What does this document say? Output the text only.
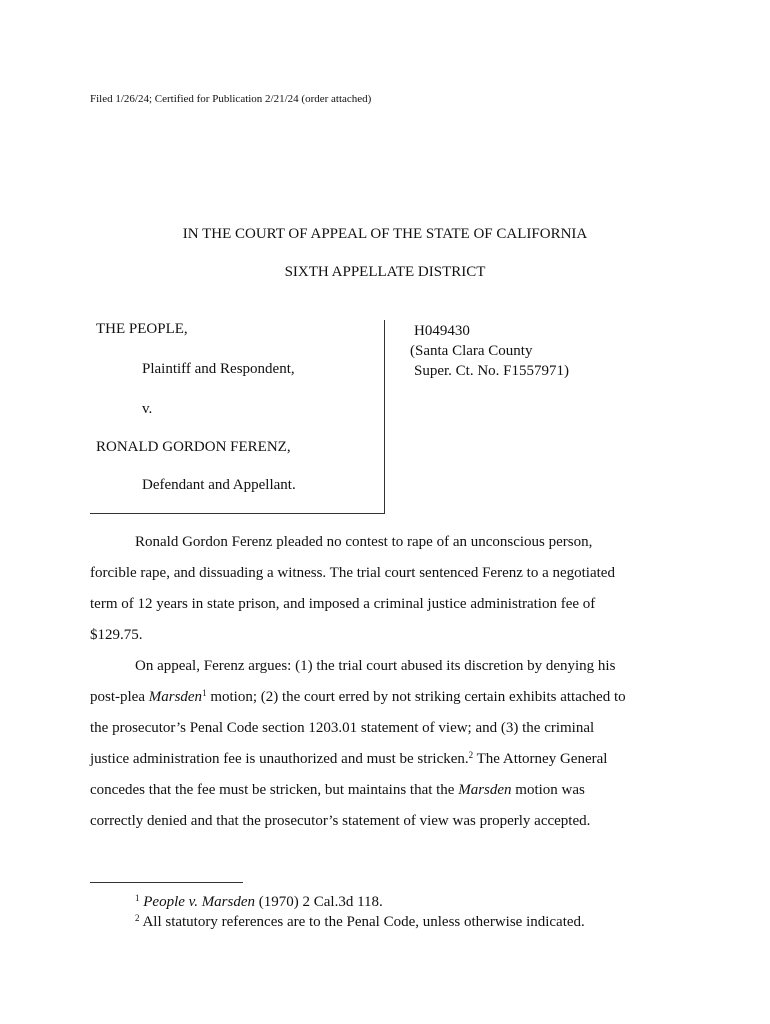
Filed 1/26/24; Certified for Publication 2/21/24 (order attached)
IN THE COURT OF APPEAL OF THE STATE OF CALIFORNIA
SIXTH APPELLATE DISTRICT
THE PEOPLE,
Plaintiff and Respondent,
v.
RONALD GORDON FERENZ,
Defendant and Appellant.
H049430
(Santa Clara County
Super. Ct. No. F1557971)
Ronald Gordon Ferenz pleaded no contest to rape of an unconscious person,
forcible rape, and dissuading a witness. The trial court sentenced Ferenz to a negotiated
term of 12 years in state prison, and imposed a criminal justice administration fee of
$129.75.
On appeal, Ferenz argues: (1) the trial court abused its discretion by denying his
post-plea Marsden$^1$ motion; (2) the court erred by not striking certain exhibits attached to
the prosecutor’s Penal Code section 1203.01 statement of view; and (3) the criminal
justice administration fee is unauthorized and must be stricken.$^2$ The Attorney General
concedes that the fee must be stricken, but maintains that the Marsden motion was
correctly denied and that the prosecutor’s statement of view was properly accepted.
$^1$ People v. Marsden (1970) 2 Cal.3d 118.
$^2$ All statutory references are to the Penal Code, unless otherwise indicated.
